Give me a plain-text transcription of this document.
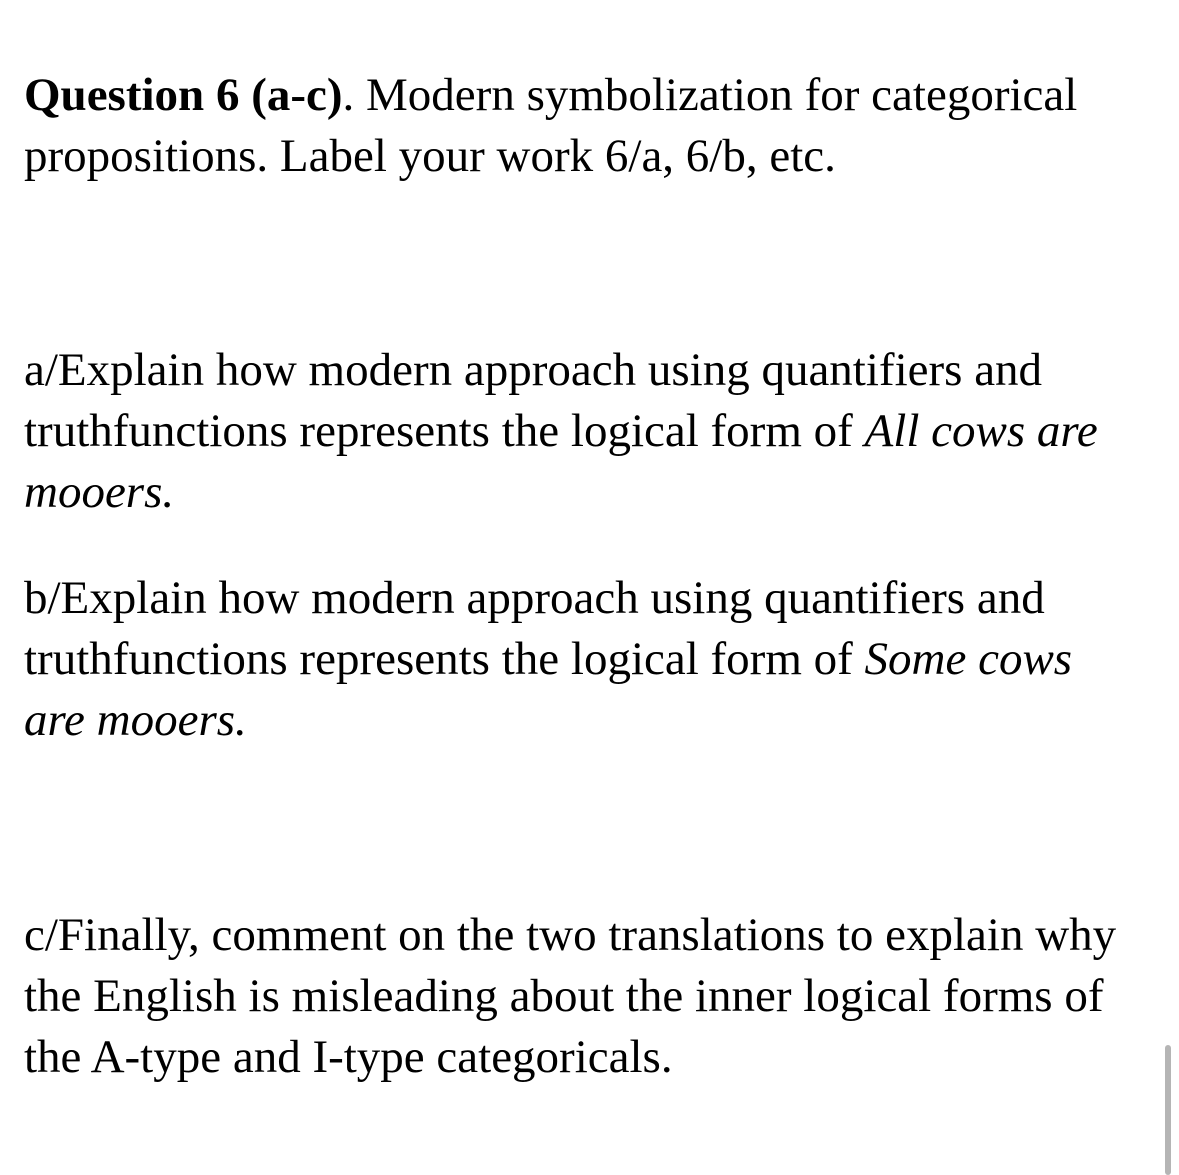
Question 6 (a-c). Modern symbolization for categorical propositions. Label your work 6/a, 6/b, etc.

a/Explain how modern approach using quantifiers and truthfunctions represents the logical form of All cows are mooers.

b/Explain how modern approach using quantifiers and truthfunctions represents the logical form of Some cows are mooers.

c/Finally, comment on the two translations to explain why the English is misleading about the inner logical forms of the A-type and I-type categoricals.
